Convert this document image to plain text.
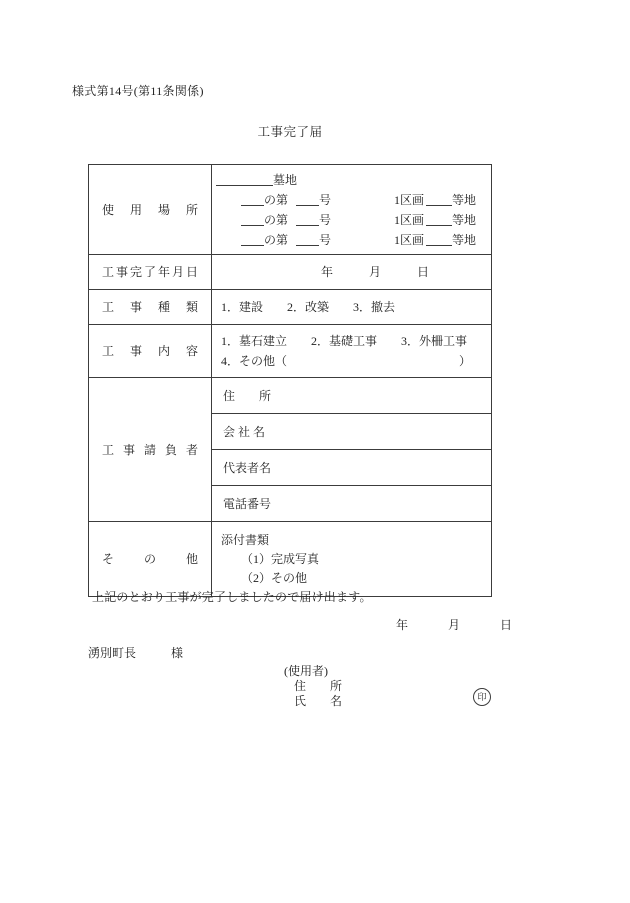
様式第14号(第11条関係)
工事完了届
使　用　場　所	墓地
の第 号 1区画 等地
の第 号 1区画 等地
の第 号 1区画 等地

工事完了年月日	年 月 日

工　事　種　類	1．建設　　2．改築　　3．撤去
工　事　内　容	1．墓石建立　　2．基礎工事　　3．外柵工事
4．その他（ ）

工 事 請 負 者	住　　所
	会 社 名
	代表者名
	電話番号
そ　　の　　他	添付書類
（1）完成写真
（2）その他
上記のとおり工事が完了しましたので届け出ます。
年	月	日
湧別町長	様
(使用者)
住　　所
氏　　名	印
